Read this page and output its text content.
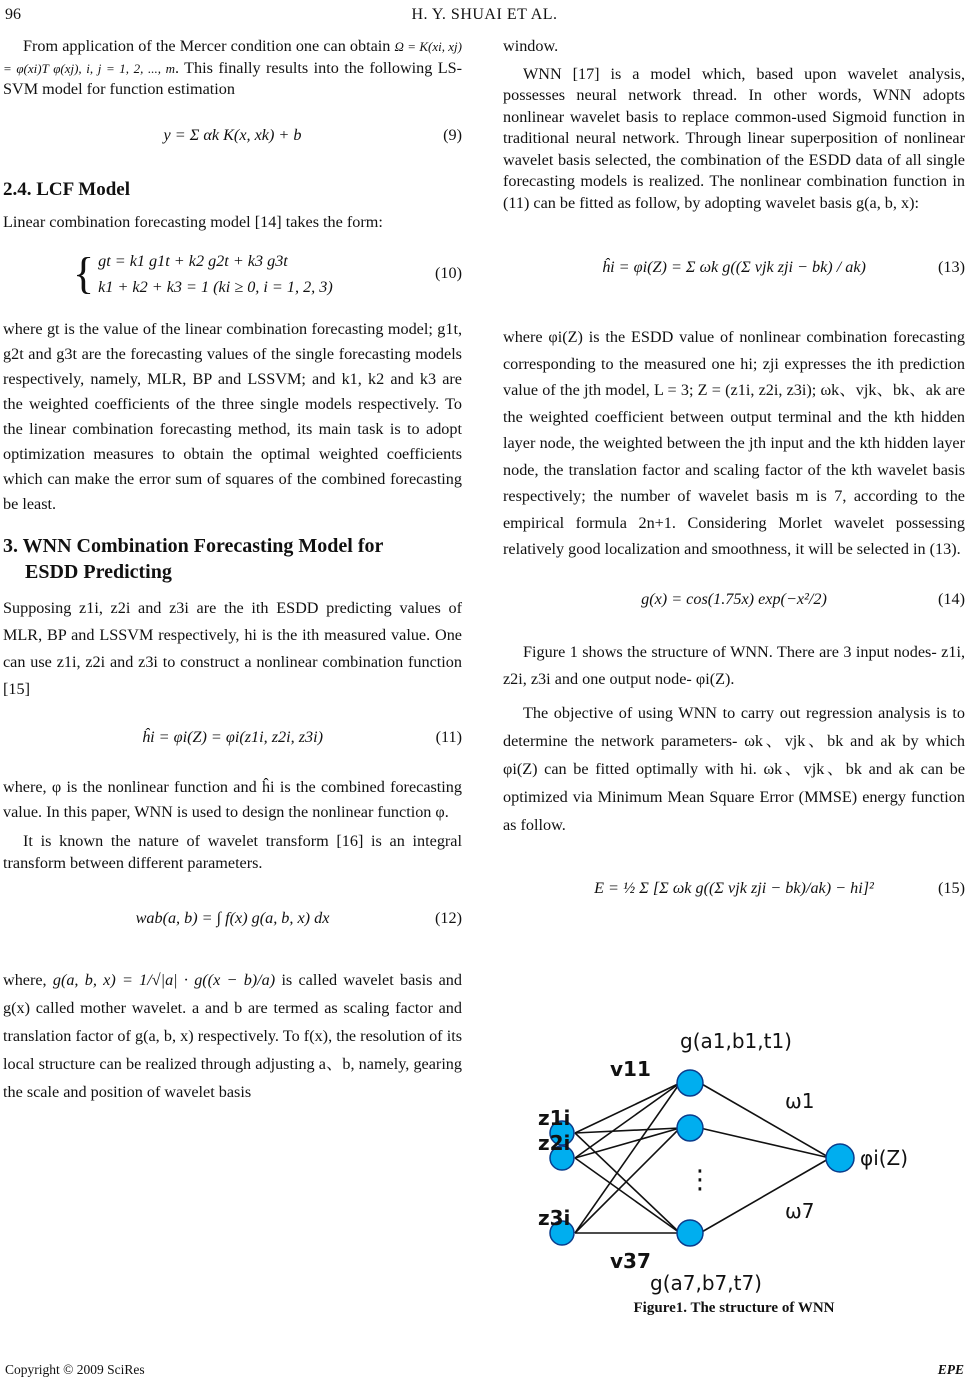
96	H. Y. SHUAI ET AL.

From application of the Mercer condition one can obtain Ω = K(xi, xj) = φ(xi)T φ(xj), i, j = 1, 2, ..., m. This finally results into the following LS-SVM model for function estimation

y = Σ αk K(x, xk) + b	(9)
2.4. LCF Model

Linear combination forecasting model [14] takes the form:

{ gt = k1 g1t + k2 g2t + k3 g3t
k1 + k2 + k3 = 1 (ki ≥ 0, i = 1, 2, 3)
(10)

where gt is the value of the linear combination forecasting model; g1t, g2t and g3t are the forecasting values of the single forecasting models respectively, namely, MLR, BP and LSSVM; and k1, k2 and k3 are the weighted coefficients of the three single models respectively. To the linear combination forecasting method, its main task is to adopt optimization measures to obtain the optimal weighted coefficients which can make the error sum of squares of the combined forecasting be least.

3. WNN Combination Forecasting Model for
ESDD Predicting

Supposing z1i, z2i and z3i are the ith ESDD predicting values of MLR, BP and LSSVM respectively, hi is the ith measured value. One can use z1i, z2i and z3i to construct a nonlinear combination function [15]

ĥi = φi(Z) = φi(z1i, z2i, z3i)	(11)

where, φ is the nonlinear function and ĥi is the combined forecasting value. In this paper, WNN is used to design the nonlinear function φ.

It is known the nature of wavelet transform [16] is an integral transform between different parameters.

wab(a, b) = ∫ f(x) g(a, b, x) dx	(12)

where, g(a, b, x) = 1/√|a| · g((x − b)/a) is called wavelet basis and g(x) called mother wavelet. a and b are termed as scaling factor and translation factor of g(a, b, x) respectively. To f(x), the resolution of its local structure can be realized through adjusting a、b, namely, gearing the scale and position of wavelet basis

window.

WNN [17] is a model which, based upon wavelet analysis, possesses neural network thread. In other words, WNN adopts nonlinear wavelet basis to replace common-used Sigmoid function in traditional neural network. Through linear superposition of nonlinear wavelet basis selected, the combination of the ESDD data of all single forecasting models is realized. The nonlinear combination function in (11) can be fitted as follow, by adopting wavelet basis g(a, b, x):

ĥi = φi(Z) = Σ ωk g((Σ vjk zji − bk) / ak)	(13)

where φi(Z) is the ESDD value of nonlinear combination forecasting corresponding to the measured one hi; zji expresses the ith prediction value of the jth model, L = 3; Z = (z1i, z2i, z3i); ωk、vjk、bk、ak are the weighted coefficient between output terminal and the kth hidden layer node, the weighted between the jth input and the kth hidden layer node, the translation factor and scaling factor of the kth wavelet basis respectively; the number of wavelet basis m is 7, according to the empirical formula 2n+1. Considering Morlet wavelet possessing relatively good localization and smoothness, it will be selected in (13).

g(x) = cos(1.75x) exp(−x²/2)	(14)

Figure 1 shows the structure of WNN. There are 3 input nodes- z1i, z2i, z3i and one output node- φi(Z).

The objective of using WNN to carry out regression analysis is to determine the network parameters- ωk、vjk、bk and ak by which φi(Z) can be fitted optimally with hi. ωk、vjk、bk and ak can be optimized via Minimum Mean Square Error (MMSE) energy function as follow.

E = ½ Σ [Σ ωk g((Σ vjk zji − bk)/ak) − hi]²	(15)
z1i
z2i
z3i
g(a1,b1,t1)
g(a7,b7,t7)
v11
v37
ω1
ω7
φi(Z)
⋮
Figure1. The structure of WNN
Copyright © 2009 SciRes	EPE
